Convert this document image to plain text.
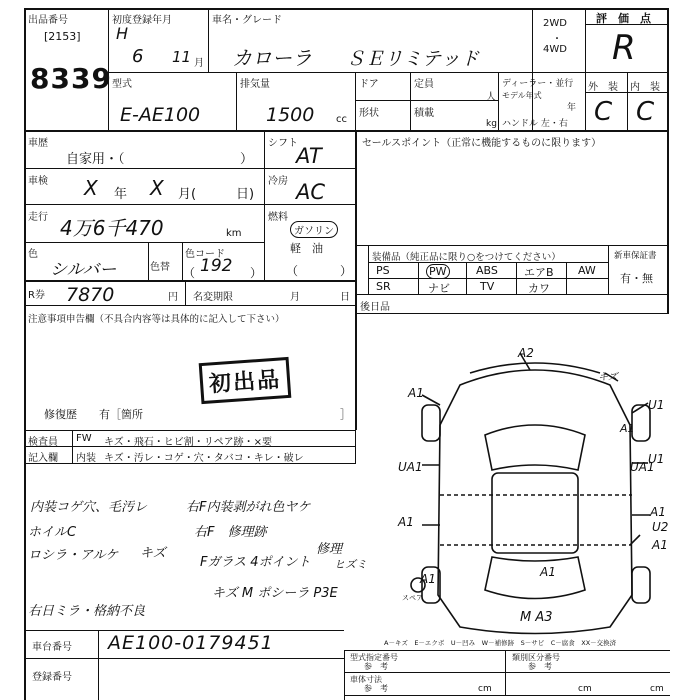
出品番号
[2153]
8339
初度登録年月
H
6 11 月
車名・グレード
カローラ ＳＥリミテッド
2WD
・
4WD
評　価　点
R
型式
E-AE100
排気量
1500 cc
ドア	定員
人
形状	積載
kg
ディーラー・並行
モデル年式
年
ハンドル 左・右
外　装 内　装
C C
車歴
自家用・（	）
車検 X 年 X 月(	日)
走行 4万6千470	km
色
シルバー	色替
色コード
192
（	）
R券 7870	円 名変期限	月	日
シフト
AT
冷房 AC
燃料
ガソリン
軽　油
（	）
注意事項申告欄（不具合内容等は具体的に記入して下さい）
初出品
修復歴　　有［箇所	］
セールスポイント（正常に機能するものに限ります）
装備品（純正品に限り○をつけてください）	新車保証書
有・無
PS	PW	ABS エアB AW
SR	ナビ	TV	カワ
後日品
検査員
記入欄
FW キズ・飛石・ヒビ割・リペア跡・×要
内装 キズ・汚レ・コゲ・穴・タバコ・キレ・破レ
内装コゲ穴、毛汚レ
ホイルC
ロシラ・アルケ
右F内装剥がれ色ヤケ
右F　修理跡
キズ
Fガラス 4ポイント
修理
ヒズミ
キズ M ポシーラ P3E
右日ミラ・格納不良
A2
キズ
A1
U1
A1
U1
UA1	UA1
A1
U2
A1
A1
A1	A1
M A3
スペア
A－キズ　E－エクボ　U－凹み　W－補修跡　S－サビ　C－腐食　XX－交換済
車台番号 AE100-0179451
登録番号
型式指定番号
参　考
類別区分番号
参　考
車体寸法
参　考	cm	cm	cm
